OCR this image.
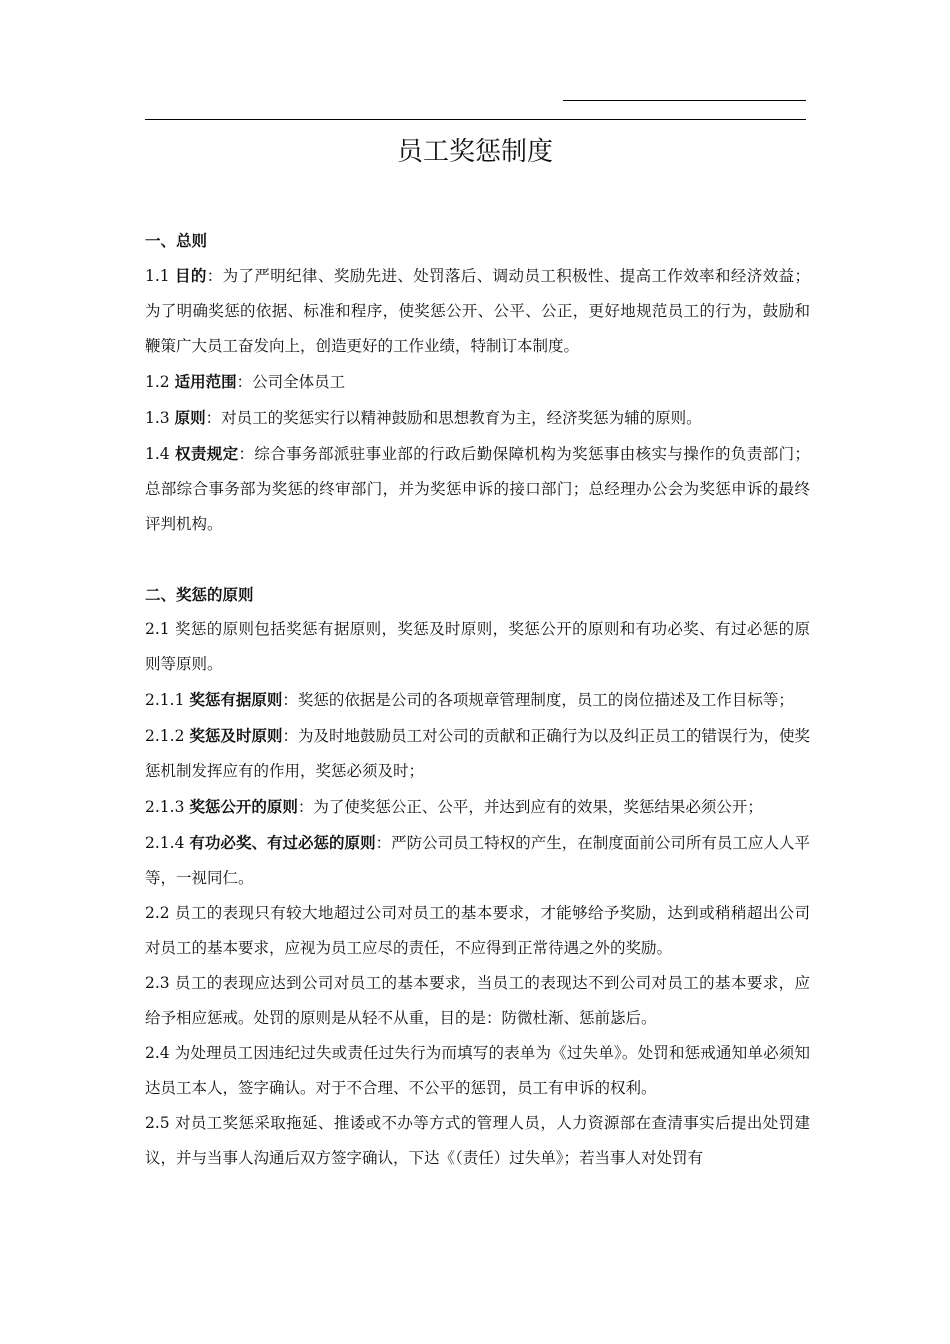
员工奖惩制度

一、总则

1.1 目的：为了严明纪律、奖励先进、处罚落后、调动员工积极性、提高工作效率和经济效益；为了明确奖惩的依据、标准和程序，使奖惩公开、公平、公正，更好地规范员工的行为，鼓励和鞭策广大员工奋发向上，创造更好的工作业绩，特制订本制度。

1.2 适用范围：公司全体员工

1.3 原则：对员工的奖惩实行以精神鼓励和思想教育为主，经济奖惩为辅的原则。

1.4 权责规定：综合事务部派驻事业部的行政后勤保障机构为奖惩事由核实与操作的负责部门；总部综合事务部为奖惩的终审部门，并为奖惩申诉的接口部门；总经理办公会为奖惩申诉的最终评判机构。

二、奖惩的原则

2.1 奖惩的原则包括奖惩有据原则，奖惩及时原则，奖惩公开的原则和有功必奖、有过必惩的原则等原则。

2.1.1 奖惩有据原则：奖惩的依据是公司的各项规章管理制度，员工的岗位描述及工作目标等；

2.1.2 奖惩及时原则：为及时地鼓励员工对公司的贡献和正确行为以及纠正员工的错误行为，使奖惩机制发挥应有的作用，奖惩必须及时；

2.1.3 奖惩公开的原则：为了使奖惩公正、公平，并达到应有的效果，奖惩结果必须公开；

2.1.4 有功必奖、有过必惩的原则：严防公司员工特权的产生，在制度面前公司所有员工应人人平等，一视同仁。

2.2 员工的表现只有较大地超过公司对员工的基本要求，才能够给予奖励，达到或稍稍超出公司对员工的基本要求，应视为员工应尽的责任，不应得到正常待遇之外的奖励。

2.3 员工的表现应达到公司对员工的基本要求，当员工的表现达不到公司对员工的基本要求，应给予相应惩戒。处罚的原则是从轻不从重，目的是：防微杜渐、惩前毖后。

2.4 为处理员工因违纪过失或责任过失行为而填写的表单为《过失单》。处罚和惩戒通知单必须知达员工本人，签字确认。对于不合理、不公平的惩罚，员工有申诉的权利。

2.5 对员工奖惩采取拖延、推诿或不办等方式的管理人员，人力资源部在查清事实后提出处罚建议，并与当事人沟通后双方签字确认，下达《（责任）过失单》；若当事人对处罚有
